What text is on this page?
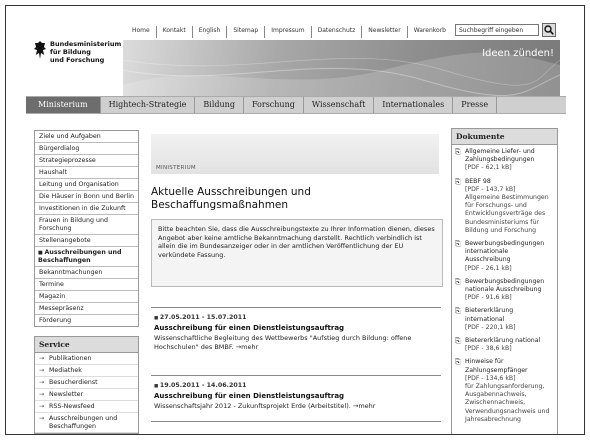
Bundesministerium
für Bildung
und Forschung
Home	Kontakt	English	Sitemap	Impressum	Datenschutz	Newsletter	Warenkorb
Suchbegriff eingeben
Ideen zünden!
Ministerium	Hightech-Strategie	Bildung	Forschung	Wissenschaft	Internationales	Presse
Ziele und Aufgaben
Bürgerdialog
Strategieprozesse
Haushalt
Leitung und Organisation
Die Häuser in Bonn und Berlin
Investitionen in die Zukunft
Frauen in Bildung und Forschung
Stellenangebote
■ Ausschreibungen und Beschaffungen
Bekanntmachungen
Termine
Magazin
Messepräsenz
Förderung
Service
→ Publikationen
→ Mediathek
→ Besucherdienst
→ Newsletter
→ RSS-Newsfeed
→ Ausschreibungen und Beschaffungen
MINISTERIUM
Aktuelle Ausschreibungen und Beschaffungsmaßnahmen
Bitte beachten Sie, dass die Ausschreibungstexte zu Ihrer Information dienen, dieses Angebot aber keine amtliche Bekanntmachung darstellt. Rechtlich verbindlich ist allein die im Bundesanzeiger oder in der amtlichen Veröffentlichung der EU verkündete Fassung.
■ 27.05.2011 - 15.07.2011
Ausschreibung für einen Dienstleistungsauftrag
Wissenschaftliche Begleitung des Wettbewerbs "Aufstieg durch Bildung: offene Hochschulen" des BMBF. →mehr
■ 19.05.2011 - 14.06.2011
Ausschreibung für einen Dienstleistungsauftrag
Wissenschaftsjahr 2012 - Zukunftsprojekt Erde (Arbeitstitel). →mehr
Dokumente
⎘ Allgemeine Liefer- und Zahlungsbedingungen
[PDF - 62,1 kB]
⎘ BEBF 98
[PDF - 143,7 kB]
Allgemeine Bestimmungen für Forschungs- und Entwicklungsverträge des Bundesministeriums für Bildung und Forschung
⎘ Bewerbungsbedingungen internationale Ausschreibung
[PDF - 26,1 kB]
⎘ Bewerbungsbedingungen nationale Ausschreibung
[PDF - 91,6 kB]
⎘ Bietererklärung international
[PDF - 220,1 kB]
⎘ Bietererklärung national
[PDF - 38,6 kB]
⎘ Hinweise für Zahlungsempfänger
[PDF - 134,6 kB]
für Zahlungsanforderung, Ausgabennachweis, Zwischennachweis, Verwendungsnachweis und Jahresabrechnung
